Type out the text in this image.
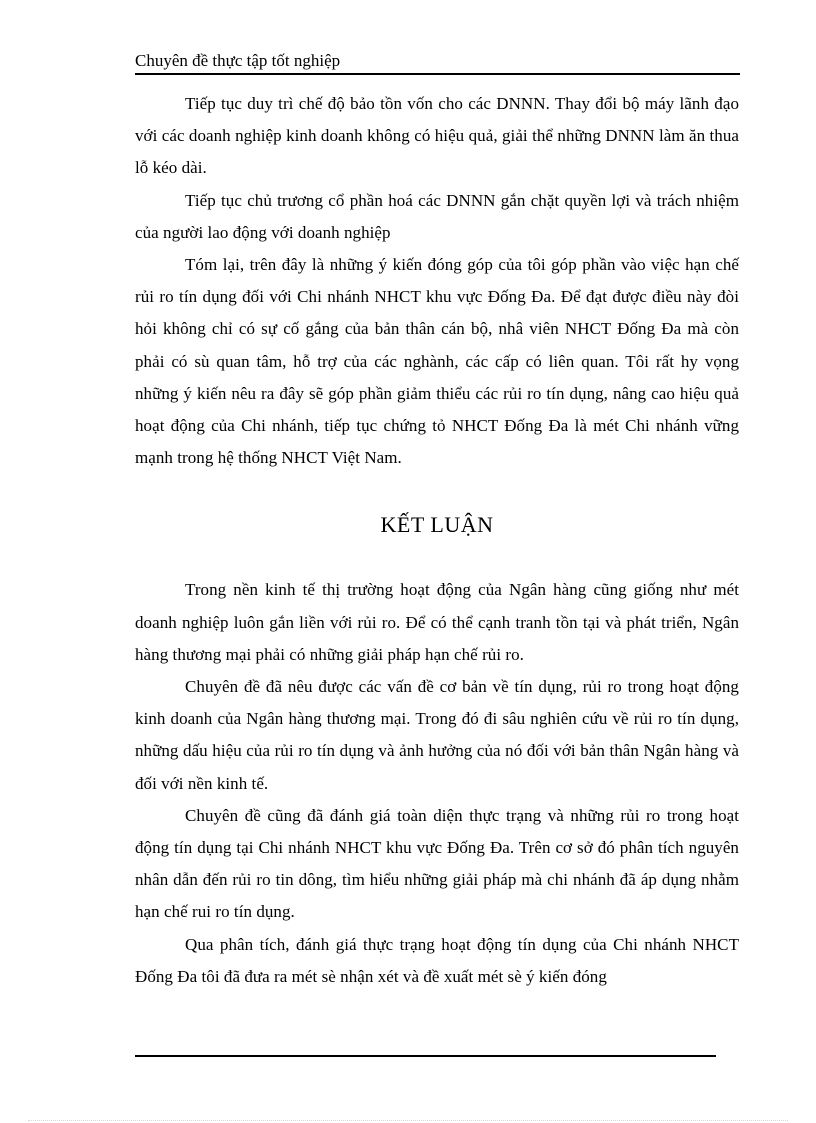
Chuyên đề thực tập tốt nghiệp

Tiếp tục duy trì chế độ bảo tồn vốn cho các DNNN. Thay đổi bộ máy lãnh đạo với các doanh nghiệp kinh doanh không có hiệu quả, giải thể những DNNN làm ăn thua lỗ kéo dài.

Tiếp tục chủ trương cổ phần hoá các DNNN gắn chặt quyền lợi và trách nhiệm của người lao động với doanh nghiệp

Tóm lại, trên đây là những ý kiến đóng góp của tôi góp phần vào việc hạn chế rủi ro tín dụng đối với Chi nhánh NHCT khu vực Đống Đa. Để đạt được điều này đòi hỏi không chỉ có sự cố gắng của bản thân cán bộ, nhâ viên NHCT Đống Đa mà còn phải có sù quan tâm, hỗ trợ của các nghành, các cấp có liên quan. Tôi rất hy vọng những ý kiến nêu ra đây sẽ góp phần giảm thiểu các rủi ro tín dụng, nâng cao hiệu quả hoạt động của Chi nhánh, tiếp tục chứng tỏ NHCT Đống Đa là mét Chi nhánh vững mạnh trong hệ thống NHCT Việt Nam.

KẾT LUẬN

Trong nền kinh tế thị trường hoạt động của Ngân hàng cũng giống như mét doanh nghiệp luôn gắn liền với rủi ro. Để có thể cạnh tranh tồn tại và phát triển, Ngân hàng thương mại phải có những giải pháp hạn chế rủi ro.

Chuyên đề đã nêu được các vấn đề cơ bản về tín dụng, rủi ro trong hoạt động kinh doanh của Ngân hàng thương mại. Trong đó đi sâu nghiên cứu về rủi ro tín dụng, những dấu hiệu của rủi ro tín dụng và ảnh hưởng của nó đối với bản thân Ngân hàng và đối với nền kinh tế.

Chuyên đề cũng đã đánh giá toàn diện thực trạng và những rủi ro trong hoạt động tín dụng tại Chi nhánh NHCT khu vực Đống Đa. Trên cơ sở đó phân tích nguyên nhân dẫn đến rủi ro tin dông, tìm hiểu những giải pháp mà chi nhánh đã áp dụng nhằm hạn chế rui ro tín dụng.

Qua phân tích, đánh giá thực trạng hoạt động tín dụng của Chi nhánh NHCT Đống Đa tôi đã đưa ra mét sè nhận xét và đề xuất mét sè ý kiến đóng
